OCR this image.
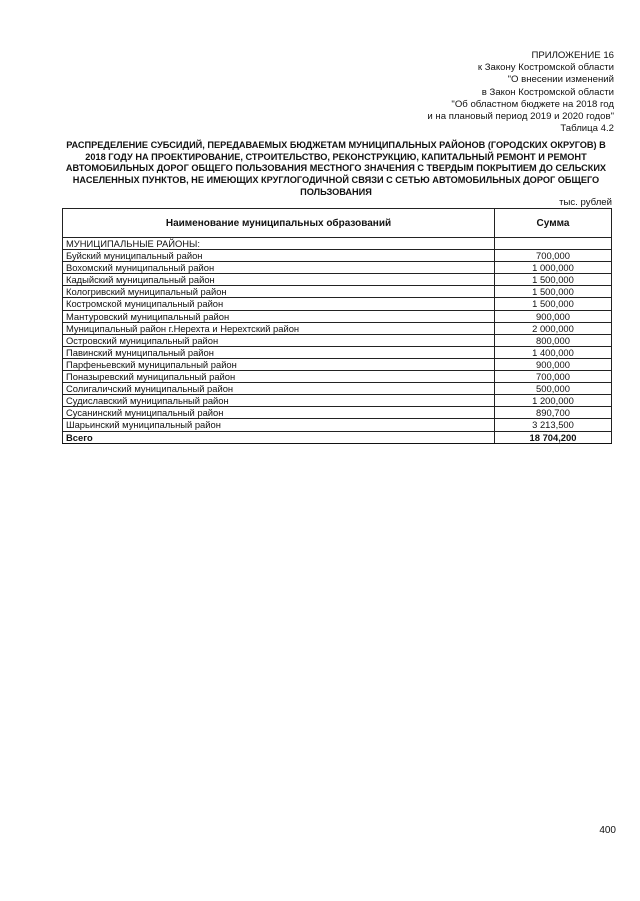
ПРИЛОЖЕНИЕ 16
к Закону Костромской области
"О внесении изменений
в Закон Костромской области
"Об областном бюджете на 2018 год
и на плановый период 2019 и 2020 годов"
Таблица 4.2
РАСПРЕДЕЛЕНИЕ СУБСИДИЙ, ПЕРЕДАВАЕМЫХ БЮДЖЕТАМ МУНИЦИПАЛЬНЫХ РАЙОНОВ (ГОРОДСКИХ ОКРУГОВ) В 2018 ГОДУ НА ПРОЕКТИРОВАНИЕ, СТРОИТЕЛЬСТВО, РЕКОНСТРУКЦИЮ, КАПИТАЛЬНЫЙ РЕМОНТ И РЕМОНТ АВТОМОБИЛЬНЫХ ДОРОГ ОБЩЕГО ПОЛЬЗОВАНИЯ МЕСТНОГО ЗНАЧЕНИЯ С ТВЕРДЫМ ПОКРЫТИЕМ ДО СЕЛЬСКИХ НАСЕЛЕННЫХ ПУНКТОВ, НЕ ИМЕЮЩИХ КРУГЛОГОДИЧНОЙ СВЯЗИ С СЕТЬЮ АВТОМОБИЛЬНЫХ ДОРОГ ОБЩЕГО ПОЛЬЗОВАНИЯ
тыс. рублей
Наименование муниципальных образований	Сумма
МУНИЦИПАЛЬНЫЕ РАЙОНЫ:	
Буйский муниципальный район	700,000
Вохомский муниципальный район	1 000,000
Кадыйский муниципальный район	1 500,000
Кологривский муниципальный район	1 500,000
Костромской муниципальный район	1 500,000
Мантуровский муниципальный район	900,000
Муниципальный район г.Нерехта и Нерехтский район	2 000,000
Островский муниципальный район	800,000
Павинский муниципальный район	1 400,000
Парфеньевский муниципальный район	900,000
Поназыревский муниципальный район	700,000
Солигаличский муниципальный район	500,000
Судиславский муниципальный район	1 200,000
Сусанинский муниципальный район	890,700
Шарьинский муниципальный район	3 213,500
Всего	18 704,200
400
